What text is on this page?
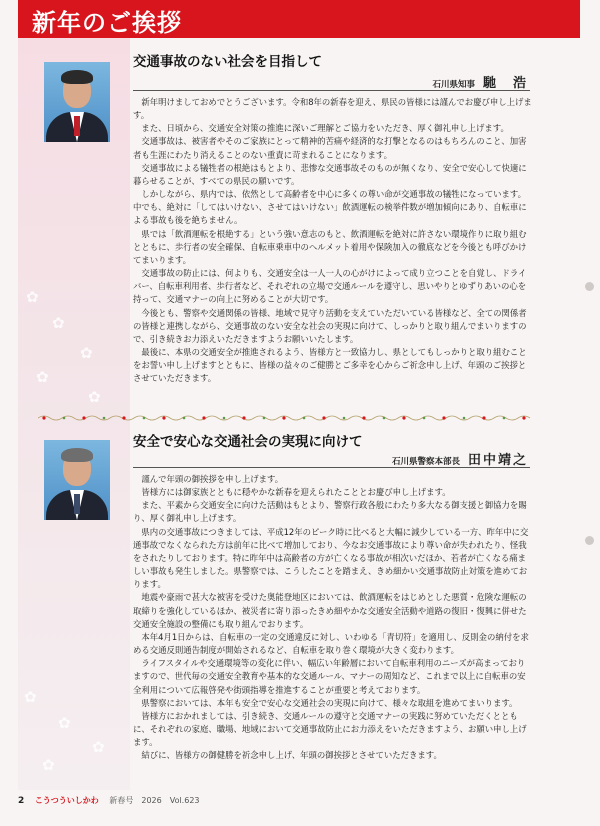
新年のご挨拶
✿
✿
✿
✿
✿
✿
✿
✿
✿
交通事故のない社会を目指して
石川県知事 馳　浩

新年明けましておめでとうございます。令和8年の新春を迎え、県民の皆様には謹んでお慶び申し上げます。

また、日頃から、交通安全対策の推進に深いご理解とご協力をいただき、厚く御礼申し上げます。

交通事故は、被害者やそのご家族にとって精神的苦痛や経済的な打撃となるのはもちろんのこと、加害者も生涯にわたり消えることのない重責に苛まれることになります。

交通事故による犠牲者の根絶はもとより、悲惨な交通事故そのものが無くなり、安全で安心して快適に暮らせることが、すべての県民の願いです。

しかしながら、県内では、依然として高齢者を中心に多くの尊い命が交通事故の犠牲になっています。中でも、絶対に「してはいけない、させてはいけない」飲酒運転の検挙件数が増加傾向にあり、自転車による事故も後を絶ちません。

県では「飲酒運転を根絶する」という強い意志のもと、飲酒運転を絶対に許さない環境作りに取り組むとともに、歩行者の安全確保、自転車乗車中のヘルメット着用や保険加入の徹底などを今後とも呼びかけてまいります。

交通事故の防止には、何よりも、交通安全は一人一人の心がけによって成り立つことを自覚し、ドライバー、自転車利用者、歩行者など、それぞれの立場で交通ルールを遵守し、思いやりとゆずりあいの心を持って、交通マナーの向上に努めることが大切です。

今後とも、警察や交通関係の皆様、地域で見守り活動を支えていただいている皆様など、全ての関係者の皆様と連携しながら、交通事故のない安全な社会の実現に向けて、しっかりと取り組んでまいりますので、引き続きお力添えいただきますようお願いいたします。

最後に、本県の交通安全が推進されるよう、皆様方と一致協力し、県としてもしっかりと取り組むことをお誓い申し上げますとともに、皆様の益々のご健勝とご多幸を心からご祈念申し上げ、年頭のご挨拶とさせていただきます。

安全で安心な交通社会の実現に向けて
石川県警察本部長 田中靖之

謹んで年頭の御挨拶を申し上げます。

皆様方には御家族とともに穏やかな新春を迎えられたこととお慶び申し上げます。

また、平素から交通安全に向けた活動はもとより、警察行政各般にわたり多大なる御支援と御協力を賜り、厚く御礼申し上げます。

県内の交通事故につきましては、平成12年のピーク時に比べると大幅に減少している一方、昨年中に交通事故でなくなられた方は前年に比べて増加しており、今なお交通事故により尊い命が失われたり、怪我をされたりしております。特に昨年中は高齢者の方が亡くなる事故が相次いだほか、若者が亡くなる痛ましい事故も発生しました。県警察では、こうしたことを踏まえ、きめ細かい交通事故防止対策を進めております。

地震や豪雨で甚大な被害を受けた奥能登地区においては、飲酒運転をはじめとした悪質・危険な運転の取締りを強化しているほか、被災者に寄り添ったきめ細やかな交通安全活動や道路の復旧・復興に併せた交通安全施設の整備にも取り組んでおります。

本年4月1日からは、自転車の一定の交通違反に対し、いわゆる「青切符」を適用し、反則金の納付を求める交通反則通告制度が開始されるなど、自転車を取り巻く環境が大きく変わります。

ライフスタイルや交通環境等の変化に伴い、幅広い年齢層において自転車利用のニーズが高まっておりますので、世代毎の交通安全教育や基本的な交通ルール、マナーの周知など、これまで以上に自転車の安全利用について広報啓発や街頭指導を推進することが重要と考えております。

県警察においては、本年も安全で安心な交通社会の実現に向けて、様々な取組を進めてまいります。

皆様方におかれましては、引き続き、交通ルールの遵守と交通マナーの実践に努めていただくとともに、それぞれの家庭、職場、地域において交通事故防止にお力添えをいただきますよう、お願い申し上げます。

結びに、皆様方の御健勝を祈念申し上げ、年頭の御挨拶とさせていただきます。

2 こうつういしかわ 新春号　2026　Vol.623
